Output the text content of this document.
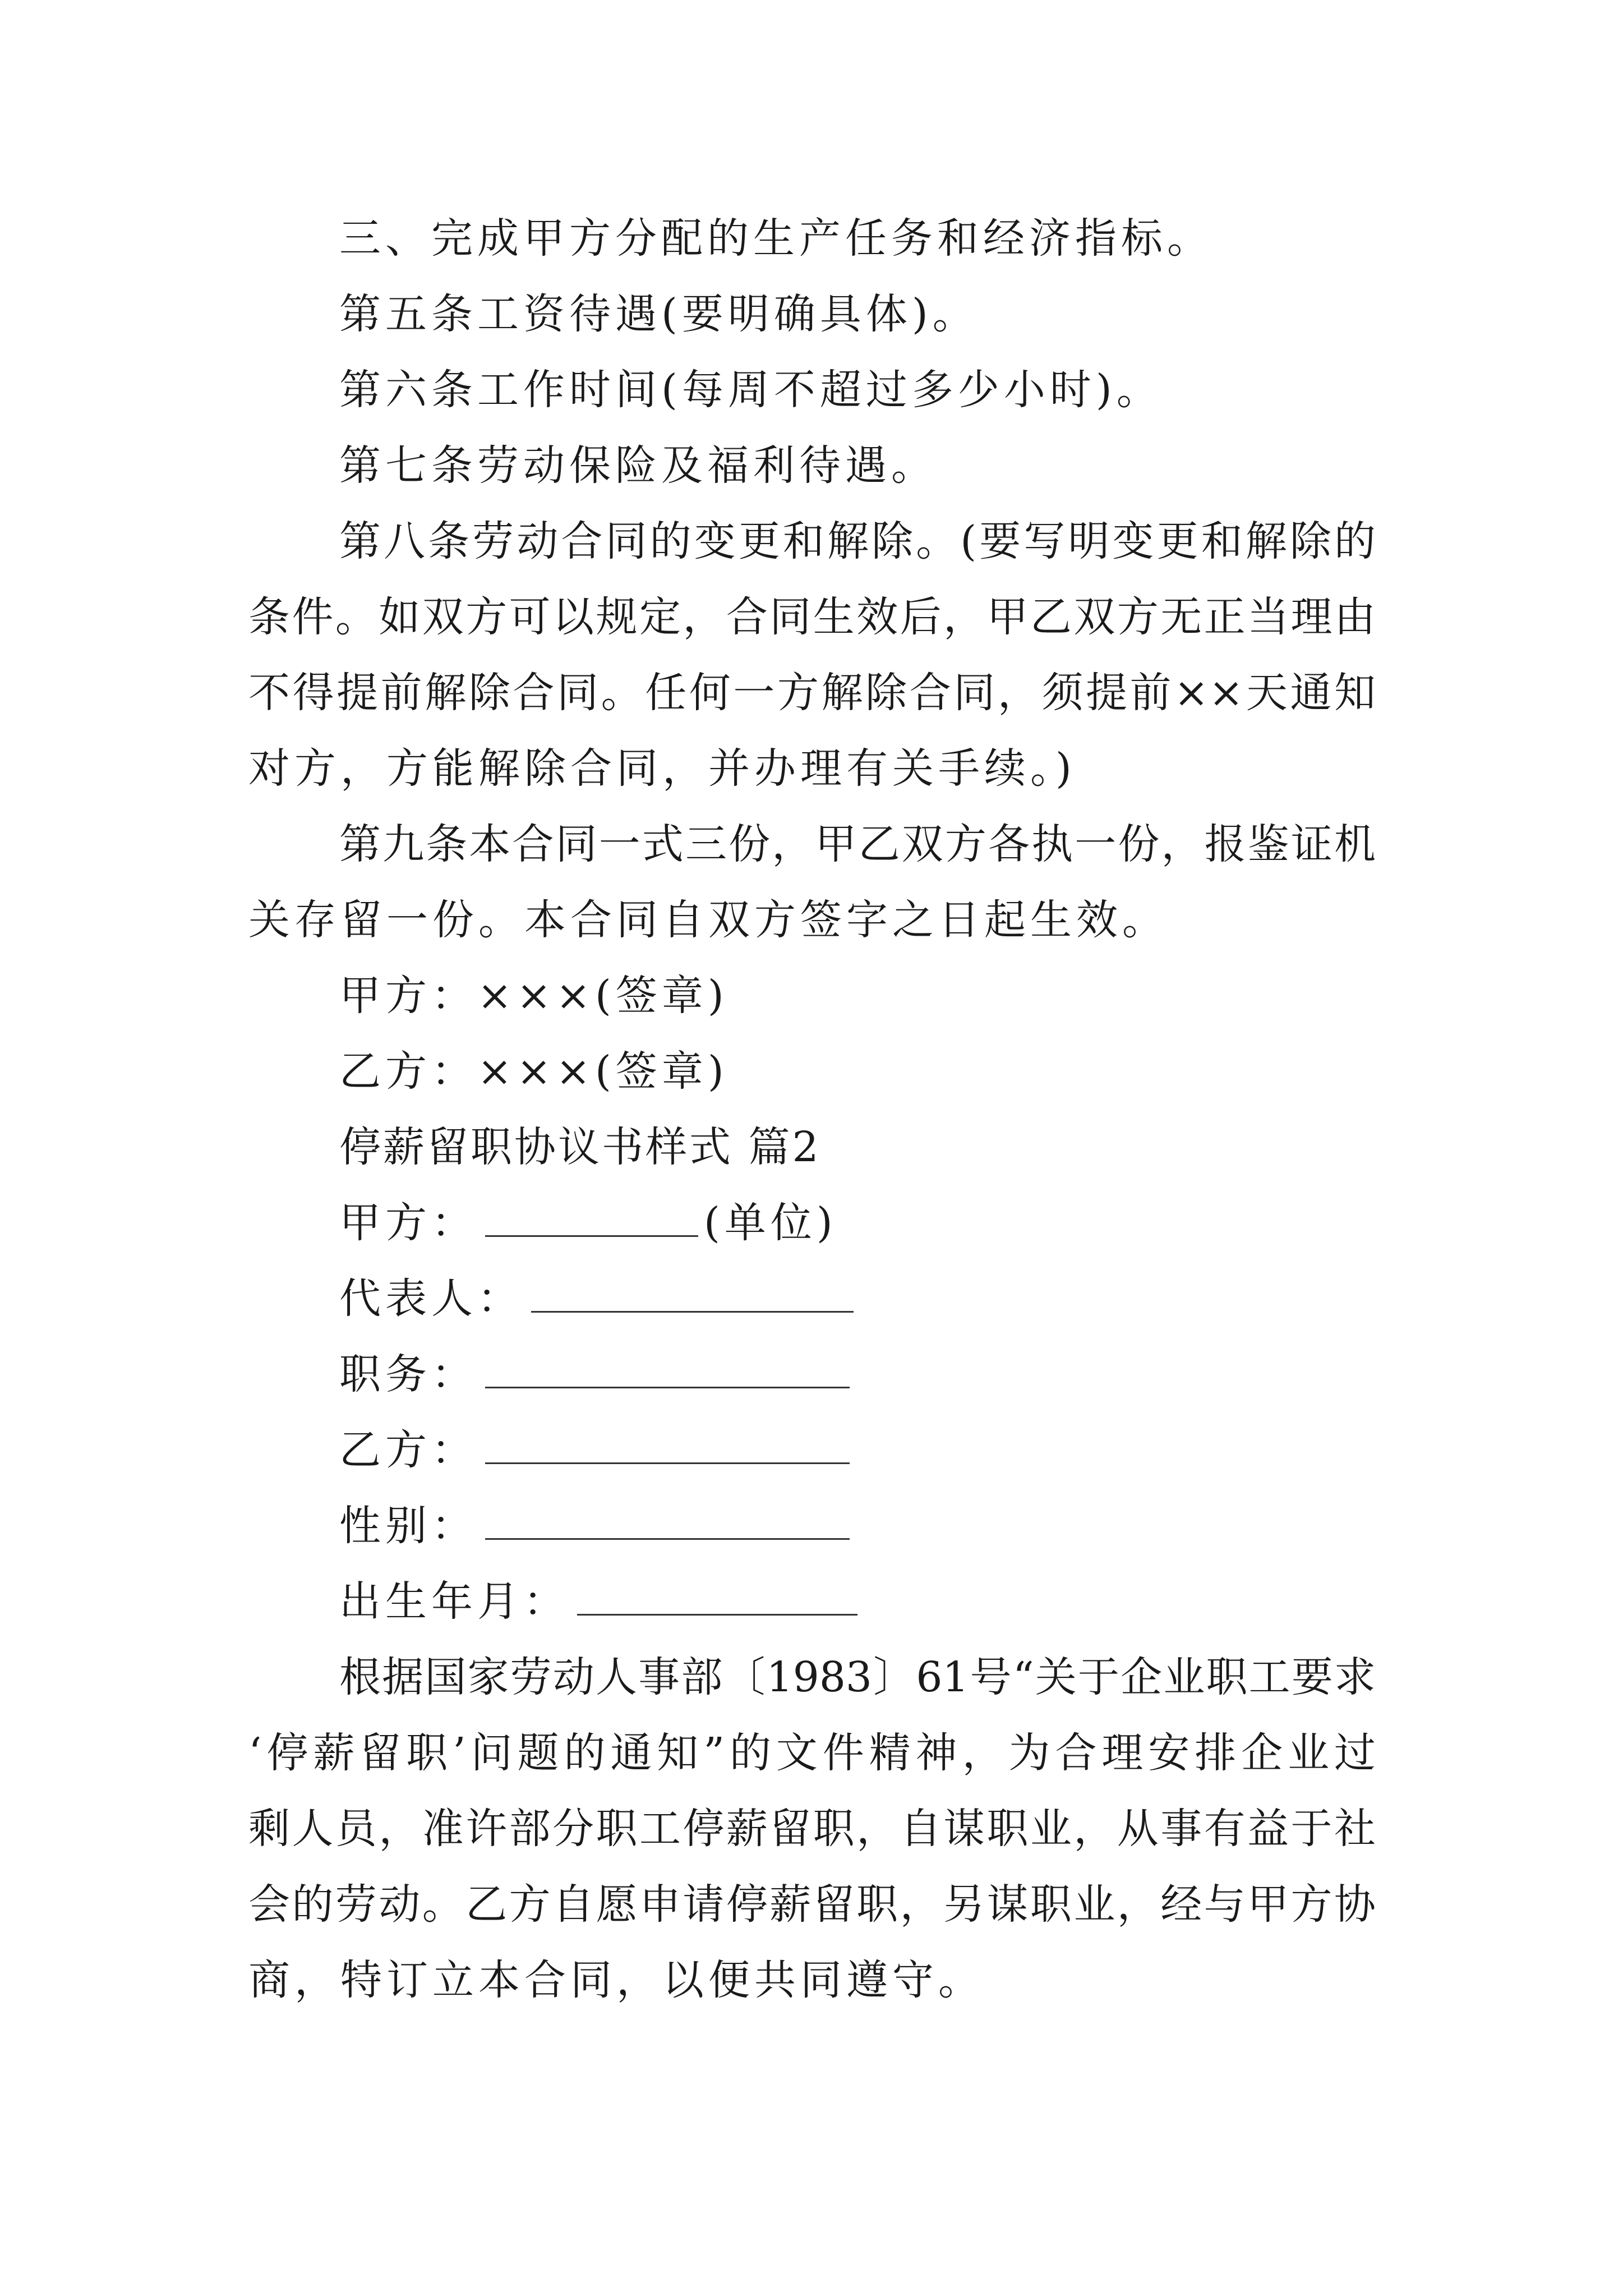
三、完成甲方分配的生产任务和经济指标。
第五条工资待遇(要明确具体)。
第六条工作时间(每周不超过多少小时)。
第七条劳动保险及福利待遇。
第八条劳动合同的变更和解除。(要写明变更和解除的
条件。如双方可以规定，合同生效后，甲乙双方无正当理由
不得提前解除合同。任何一方解除合同，须提前××天通知
对方，方能解除合同，并办理有关手续。)
第九条本合同一式三份，甲乙双方各执一份，报鉴证机
关存留一份。本合同自双方签字之日起生效。
甲方：×××(签章)
乙方：×××(签章)
停薪留职协议书样式 篇2
甲方：	(单位)
代表人：
职务：
乙方：
性别：
出生年月：
根据国家劳动人事部〔1983〕61号“关于企业职工要求
‘停薪留职’问题的通知”的文件精神，为合理安排企业过
剩人员，准许部分职工停薪留职，自谋职业，从事有益于社
会的劳动。乙方自愿申请停薪留职，另谋职业，经与甲方协
商，特订立本合同，以便共同遵守。
